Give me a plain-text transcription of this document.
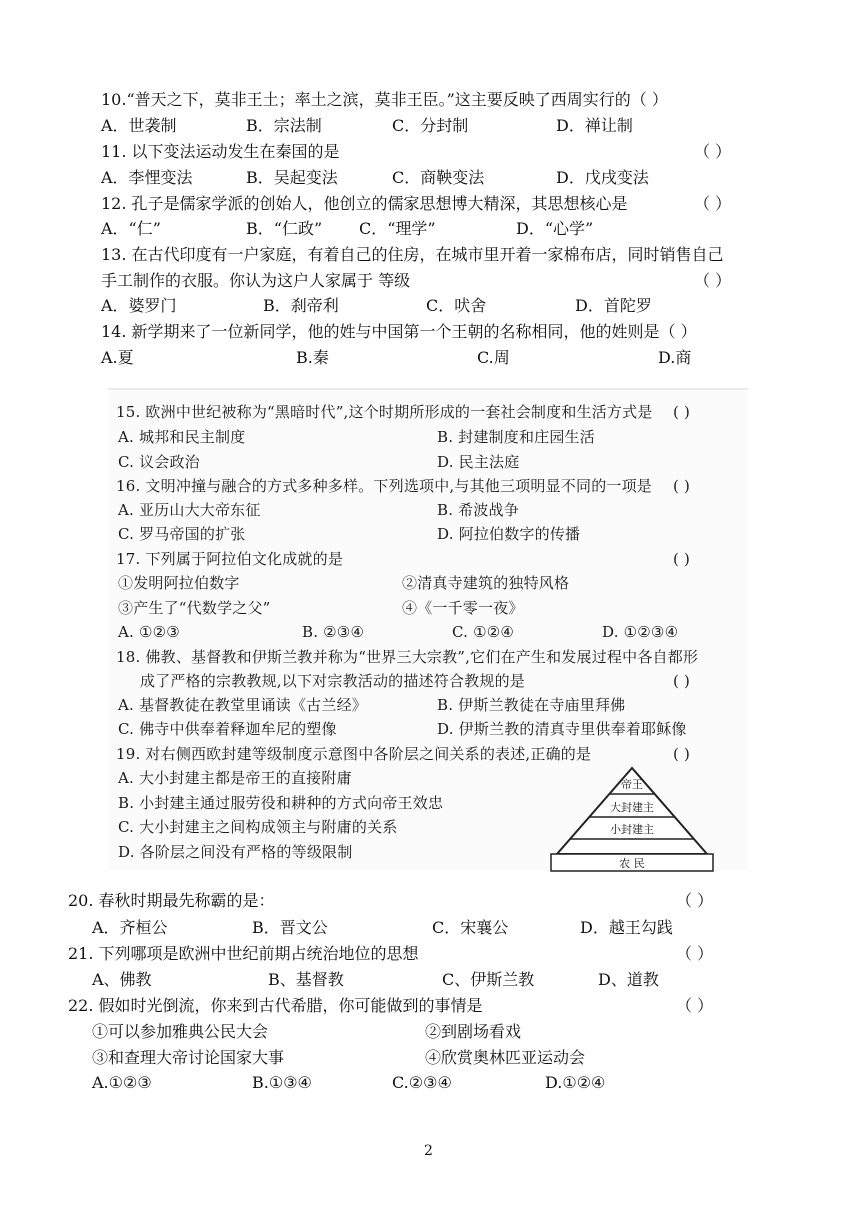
10.“普天之下，莫非王土；率土之滨，莫非王臣。”这主要反映了西周实行的（ ）
A．世袭制	B．宗法制	C．分封制	D．禅让制
11. 以下变法运动发生在秦国的是	（ ）
A．李悝变法	B．吴起变法	C．商鞅变法	D．戊戌变法
12. 孔子是儒家学派的创始人，他创立的儒家思想博大精深，其思想核心是	（ ）
A．“仁”	B．“仁政” C．“理学”	D．“心学”
13. 在古代印度有一户家庭，有着自己的住房，在城市里开着一家棉布店，同时销售自己
手工制作的衣服。你认为这户人家属于 等级	（ ）
A．婆罗门	B．刹帝利	C．吠舍	D．首陀罗
14. 新学期来了一位新同学，他的姓与中国第一个王朝的名称相同，他的姓则是（ ）
A.夏	B.秦	C.周	D.商
15. 欧洲中世纪被称为“黑暗时代”,这个时期所形成的一套社会制度和生活方式是 ( )
A. 城邦和民主制度	B. 封建制度和庄园生活
C. 议会政治	D. 民主法庭
16. 文明冲撞与融合的方式多种多样。下列选项中,与其他三项明显不同的一项是 ( )
A. 亚历山大大帝东征	B. 希波战争
C. 罗马帝国的扩张	D. 阿拉伯数字的传播
17. 下列属于阿拉伯文化成就的是	( )
①发明阿拉伯数字	②清真寺建筑的独特风格
③产生了“代数学之父”	④《一千零一夜》
A. ①②③	B. ②③④	C. ①②④	D. ①②③④
18. 佛教、基督教和伊斯兰教并称为“世界三大宗教”,它们在产生和发展过程中各自都形
成了严格的宗教教规,以下对宗教活动的描述符合教规的是	( )
A. 基督教徒在教堂里诵读《古兰经》	B. 伊斯兰教徒在寺庙里拜佛
C. 佛寺中供奉着释迦牟尼的塑像	D. 伊斯兰教的清真寺里供奉着耶稣像
19. 对右侧西欧封建等级制度示意图中各阶层之间关系的表述,正确的是	( )
A. 大小封建主都是帝王的直接附庸
B. 小封建主通过服劳役和耕种的方式向帝王效忠
C. 大小封建主之间构成领主与附庸的关系
D. 各阶层之间没有严格的等级限制
帝王
大封建主
小封建主
农 民
20. 春秋时期最先称霸的是：	（ ）
A．齐桓公	B．晋文公	C．宋襄公	D．越王勾践
21. 下列哪项是欧洲中世纪前期占统治地位的思想	（ ）
A、佛教	B、基督教	C、伊斯兰教	D、道教
22. 假如时光倒流，你来到古代希腊，你可能做到的事情是	（ ）
①可以参加雅典公民大会	②到剧场看戏
③和查理大帝讨论国家大事	④欣赏奥林匹亚运动会
A.①②③	B.①③④	C.②③④	D.①②④
2
